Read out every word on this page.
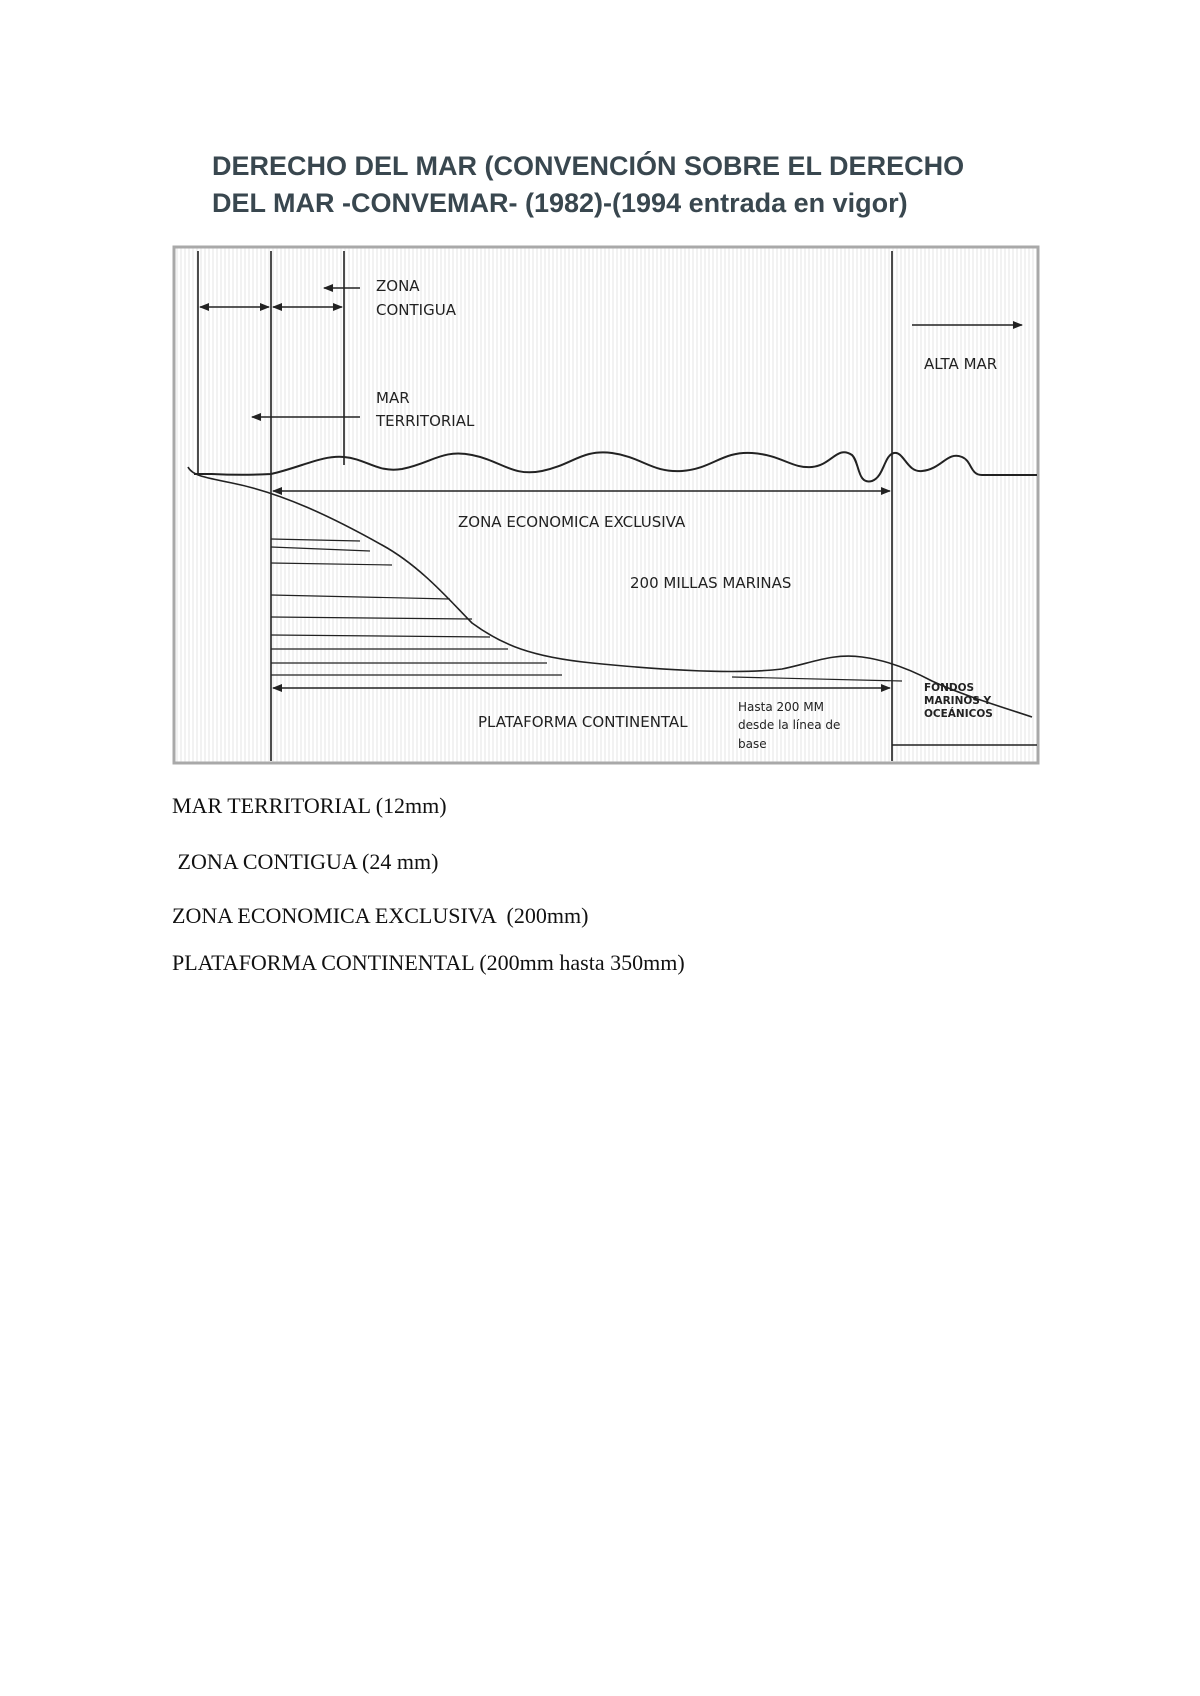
DERECHO DEL MAR (CONVENCIÓN SOBRE EL DERECHO
DEL MAR -CONVEMAR- (1982)-(1994 entrada en vigor)
ZONA
CONTIGUA
ALTA MAR
MAR
TERRITORIAL
ZONA ECONOMICA EXCLUSIVA
200 MILLAS MARINAS
PLATAFORMA CONTINENTAL
Hasta 200 MM
desde la línea de
base
FONDOS
MARINOS Y
OCEÁNICOS
MAR TERRITORIAL (12mm)
ZONA CONTIGUA (24 mm)
ZONA ECONOMICA EXCLUSIVA  (200mm)
PLATAFORMA CONTINENTAL (200mm hasta 350mm)
